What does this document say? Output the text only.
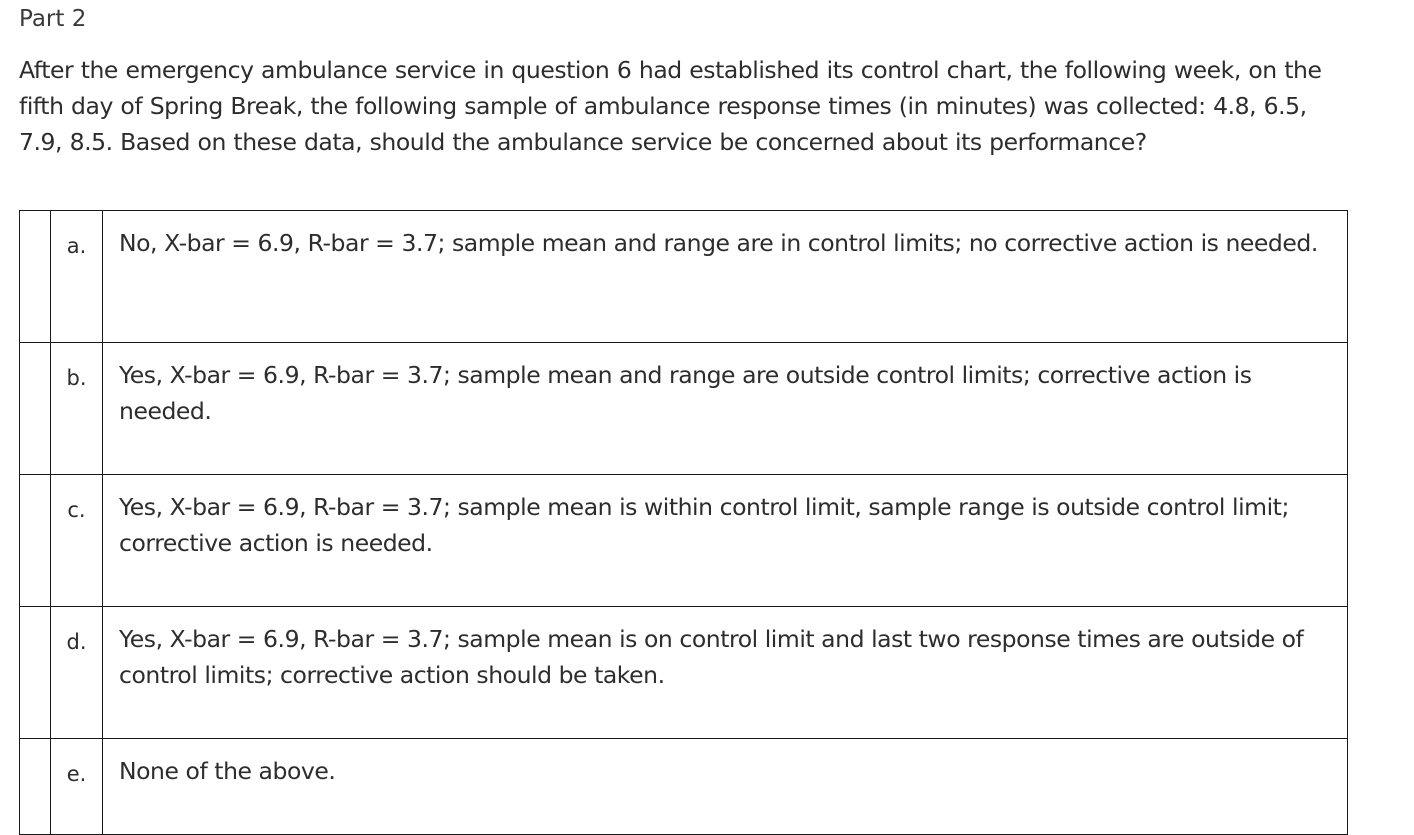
Part 2

After the emergency ambulance service in question 6 had established its control chart, the following week, on the fifth day of Spring Break, the following sample of ambulance response times (in minutes) was collected: 4.8, 6.5, 7.9, 8.5. Based on these data, should the ambulance service be concerned about its performance?

	a.	No, X-bar = 6.9, R-bar = 3.7; sample mean and range are in control limits; no corrective action is needed.
	b.	Yes, X-bar = 6.9, R-bar = 3.7; sample mean and range are outside control limits; corrective action is needed.
	c.	Yes, X-bar = 6.9, R-bar = 3.7; sample mean is within control limit, sample range is outside control limit; corrective action is needed.
	d.	Yes, X-bar = 6.9, R-bar = 3.7; sample mean is on control limit and last two response times are outside of control limits; corrective action should be taken.
	e.	None of the above.
